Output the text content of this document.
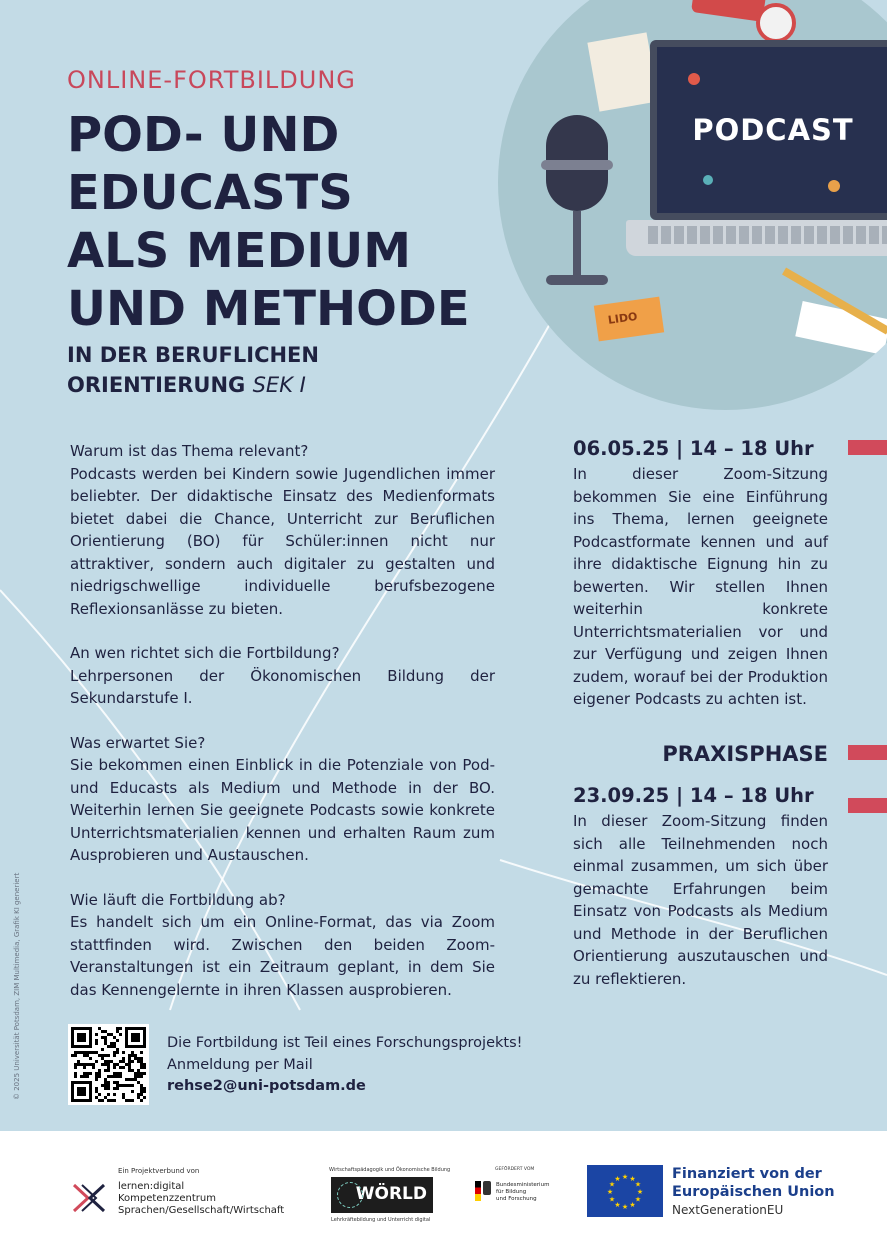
PODCAST
LIDO
ONLINE-FORTBILDUNG
POD- UND
EDUCASTS
ALS MEDIUM
UND METHODE
IN DER BERUFLICHEN
ORIENTIERUNG SEK I
Warum ist das Thema relevant?

Podcasts werden bei Kindern sowie Jugendlichen immer beliebter. Der didaktische Einsatz des Medienformats bietet dabei die Chance, Unterricht zur Beruflichen Orientierung (BO) für Schüler:innen nicht nur attraktiver, sondern auch digitaler zu gestalten und niedrigschwellige individuelle berufsbezogene Reflexionsanlässe zu bieten.

An wen richtet sich die Fortbildung?

Lehrpersonen der Ökonomischen Bildung der Sekundarstufe I.

Was erwartet Sie?

Sie bekommen einen Einblick in die Potenziale von Pod- und Educasts als Medium und Methode in der BO. Weiterhin lernen Sie geeignete Podcasts sowie konkrete Unterrichtsmaterialien kennen und erhalten Raum zum Ausprobieren und Austauschen.

Wie läuft die Fortbildung ab?

Es handelt sich um ein Online-Format, das via Zoom stattfinden wird. Zwischen den beiden Zoom-Veranstaltungen ist ein Zeitraum geplant, in dem Sie das Kennengelernte in ihren Klassen ausprobieren.

06.05.25 | 14 – 18 Uhr

In dieser Zoom-Sitzung bekommen Sie eine Einführung ins Thema, lernen geeignete Podcastformate kennen und auf ihre didaktische Eignung hin zu bewerten. Wir stellen Ihnen weiterhin konkrete Unterrichtsmaterialien vor und zur Verfügung und zeigen Ihnen zudem, worauf bei der Produktion eigener Podcasts zu achten ist.

PRAXISPHASE
23.09.25 | 14 – 18 Uhr

In dieser Zoom-Sitzung finden sich alle Teilnehmenden noch einmal zusammen, um sich über gemachte Erfahrungen beim Einsatz von Podcasts als Medium und Methode in der Beruflichen Orientierung auszutauschen und zu reflektieren.

Die Fortbildung ist Teil eines Forschungsprojekts!
Anmeldung per Mail
rehse2@uni-potsdam.de
© 2025 Universität Potsdam, ZIM Multimedia, Grafik KI generiert
Ein Projektverbund von
lernen:digital
Kompetenzzentrum
Sprachen/Gesellschaft/Wirtschaft
Wirtschaftspädagogik und Ökonomische Bildung
WÖRLD
Lehrkräftebildung und Unterricht digital
GEFÖRDERT VOM
Bundesministerium
für Bildung
und Forschung
★
★
★
★
★
★
★
★
★ ★ ★
★
Finanziert von der
Europäischen Union
NextGenerationEU
